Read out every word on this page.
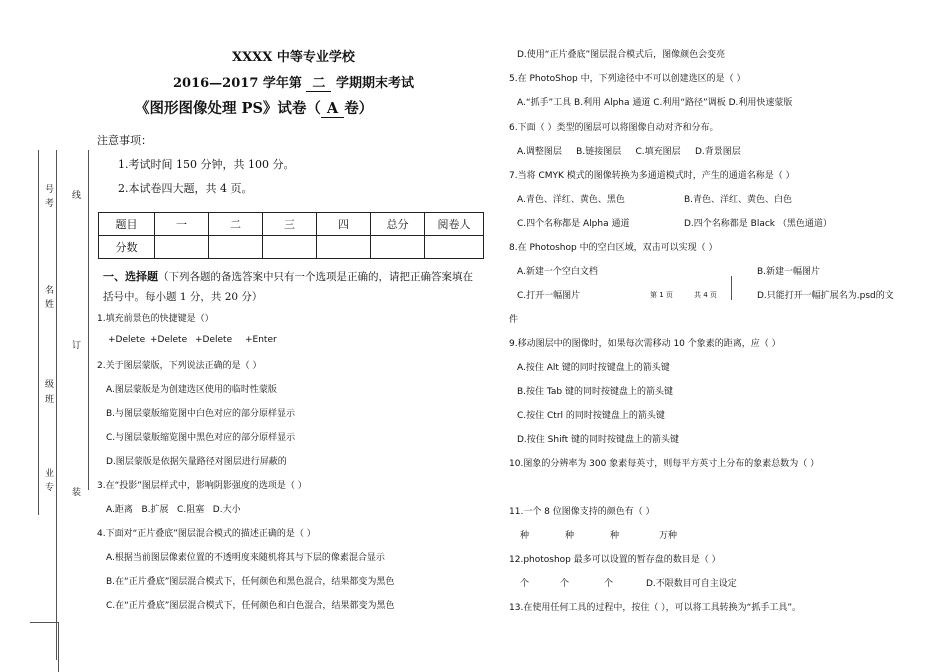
号
考
名
姓
级
班
业
专
线
订
装
XXXX 中等专业学校
2016—2017 学年第 二 学期期末考试
《图形图像处理 PS》试卷（ A 卷）
注意事项：
1.考试时间 150 分钟，共 100 分。
2.本试卷四大题，共 4 页。
题目	一	二	三	四	总分	阅卷人
分数						
一、选择题（下列各题的备选答案中只有一个选项是正确的，请把正确答案填在
括号中。每小题 1 分，共 20 分）
1.填充前景色的快捷键是（）
+Delete +Delete +Delete +Enter
2.关于图层蒙版，下列说法正确的是（ ）
A.图层蒙版是为创建选区使用的临时性蒙版
B.与图层蒙版缩览图中白色对应的部分原样显示
C.与图层蒙版缩览图中黑色对应的部分原样显示
D.图层蒙版是依据矢量路径对图层进行屏蔽的
3.在“投影”图层样式中，影响阴影强度的选项是（ ）
A.距离   B.扩展   C.阻塞   D.大小
4.下面对“正片叠底”图层混合模式的描述正确的是（ ）
A.根据当前图层像素位置的不透明度来随机将其与下层的像素混合显示
B.在“正片叠底”图层混合模式下，任何颜色和黑色混合，结果都变为黑色
C.在“正片叠底”图层混合模式下，任何颜色和白色混合，结果都变为黑色
D.使用“正片叠底”图层混合模式后，图像颜色会变亮
5.在 PhotoShop 中，下列途径中不可以创建选区的是（ ）
A.“抓手”工具 B.利用 Alpha 通道 C.利用“路径”调板 D.利用快速蒙版
6.下面（ ）类型的图层可以将图像自动对齐和分布。
A.调整图层     B.链接图层     C.填充图层     D.背景图层
7.当将 CMYK 模式的图像转换为多通道模式时，产生的通道名称是（ ）
A.青色、洋红、黄色、黑色	B.青色、洋红、黄色、白色
C.四个名称都是 Alpha 通道	D.四个名称都是 Black （黑色通道）
8.在 Photoshop 中的空白区域，双击可以实现（ ）
A.新建一个空白文档	B.新建一幅图片
C.打开一幅图片	第 1 页	共 4 页	D.只能打开一幅扩展名为.psd的文
件
9.移动图层中的图像时，如果每次需移动 10 个象素的距离，应（ ）
A.按住 Alt 键的同时按键盘上的箭头键
B.按住 Tab 键的同时按键盘上的箭头键
C.按住 Ctrl 的同时按键盘上的箭头键
D.按住 Shift 键的同时按键盘上的箭头键
10.图象的分辨率为 300 象素每英寸，则每平方英寸上分布的象素总数为（ ）
11.一个 8 位图像支持的颜色有（ ）
种	种	种	万种
12.photoshop 最多可以设置的暂存盘的数目是（ ）
个	个	个	D.不限数目可自主设定
13.在使用任何工具的过程中，按住（ ），可以将工具转换为“抓手工具”。
